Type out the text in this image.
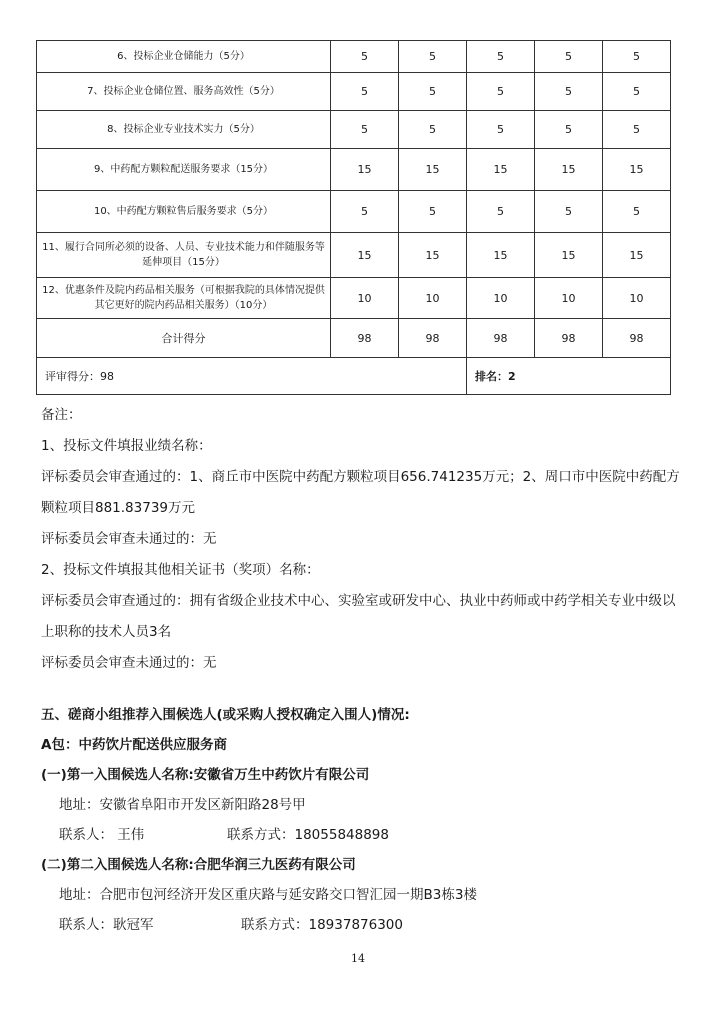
6、投标企业仓储能力（5分）	5	5	5	5	5
7、投标企业仓储位置、服务高效性（5分）	5	5	5	5	5
8、投标企业专业技术实力（5分）	5	5	5	5	5
9、中药配方颗粒配送服务要求（15分）	15	15	15	15	15
10、中药配方颗粒售后服务要求（5分）	5	5	5	5	5
11、履行合同所必须的设备、人员、专业技术能力和伴随服务等延伸项目（15分）	15	15	15	15	15
12、优惠条件及院内药品相关服务（可根据我院的具体情况提供其它更好的院内药品相关服务）（10分）	10	10	10	10	10
合计得分	98	98	98	98	98
评审得分：98			排名：2		

备注：

1、投标文件填报业绩名称：

评标委员会审查通过的：1、商丘市中医院中药配方颗粒项目656.741235万元；2、周口市中医院中药配方颗粒项目881.83739万元

评标委员会审查未通过的：无

2、投标文件填报其他相关证书（奖项）名称：

评标委员会审查通过的：拥有省级企业技术中心、实验室或研发中心、执业中药师或中药学相关专业中级以上职称的技术人员3名

评标委员会审查未通过的：无

五、磋商小组推荐入围候选人(或采购人授权确定入围人)情况:
A包：中药饮片配送供应服务商
(一)第一入围候选人名称:安徽省万生中药饮片有限公司
地址：安徽省阜阳市开发区新阳路28号甲
联系人： 王伟	联系方式：18055848898
(二)第二入围候选人名称:合肥华润三九医药有限公司
地址：合肥市包河经济开发区重庆路与延安路交口智汇园一期B3栋3楼
联系人：耿冠军	联系方式：18937876300
14
